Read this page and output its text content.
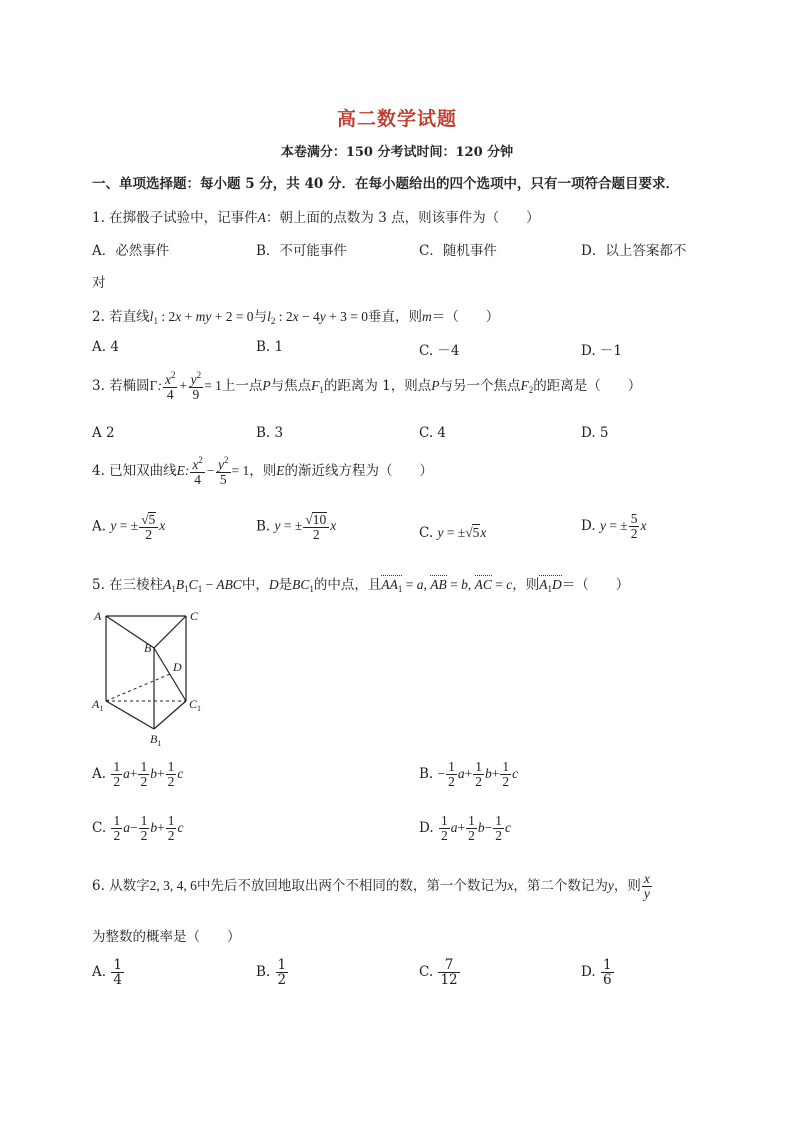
高二数学试题
本卷满分：150 分考试时间：120 分钟
一、单项选择题：每小题 5 分，共 40 分．在每小题给出的四个选项中，只有一项符合题目要求．
1. 在掷骰子试验中，记事件A：朝上面的点数为 3 点，则该事件为（　　）
A．必然事件	B．不可能事件	C．随机事件	D．以上答案都不
对
2. 若直线$l_1$ : 2x + my + 2 = 0与$l_2$ : 2x − 4y + 3 = 0垂直，则m＝（　　）
A. 4	B. 1	C. －4	D. －1
3. 若椭圆Γ: $\frac{x^2}{4} + \frac{y^2}{9} = 1$上一点P与焦点$F_1$的距离为 1，则点P与另一个焦点$F_2$的距离是（　　）
A 2	B. 3	C. 4	D. 5
4. 已知双曲线E: $\frac{x^2}{4} - \frac{y^2}{5} = 1$，则E的渐近线方程为（　　）
A. y = ± $\frac{√5}{2}$ x	B. y = ± $\frac{√10}{2}$ x	C. y = ±√5x	D. y = ± $\frac{5}{2}$ x
5. 在三棱柱$A_1B_1C_1$ − ABC中，D是$BC_1$的中点，且$AA_1 = a$, AB = b, AC = c，则$A_1D=$（　　）
A	C
B
D
$A_1$	$C_1$
$B_1$
A. $\frac{1}{2} a+ \frac{1}{2} b+ \frac{1}{2}$ c	B. − $\frac{1}{2} a+ \frac{1}{2} b+ \frac{1}{2}$ c
C. $\frac{1}{2} a- \frac{1}{2} b+ \frac{1}{2}$ c	D. $\frac{1}{2} a+ \frac{1}{2} b- \frac{1}{2}$ c
6. 从数字2, 3, 4, 6中先后不放回地取出两个不相同的数，第一个数记为x，第二个数记为y，则 $\frac{x}{y}$
为整数的概率是（　　）
A. $\frac{1}{4}$	B. $\frac{1}{2}$	C. $\frac{7}{12}$	D. $\frac{1}{6}$
